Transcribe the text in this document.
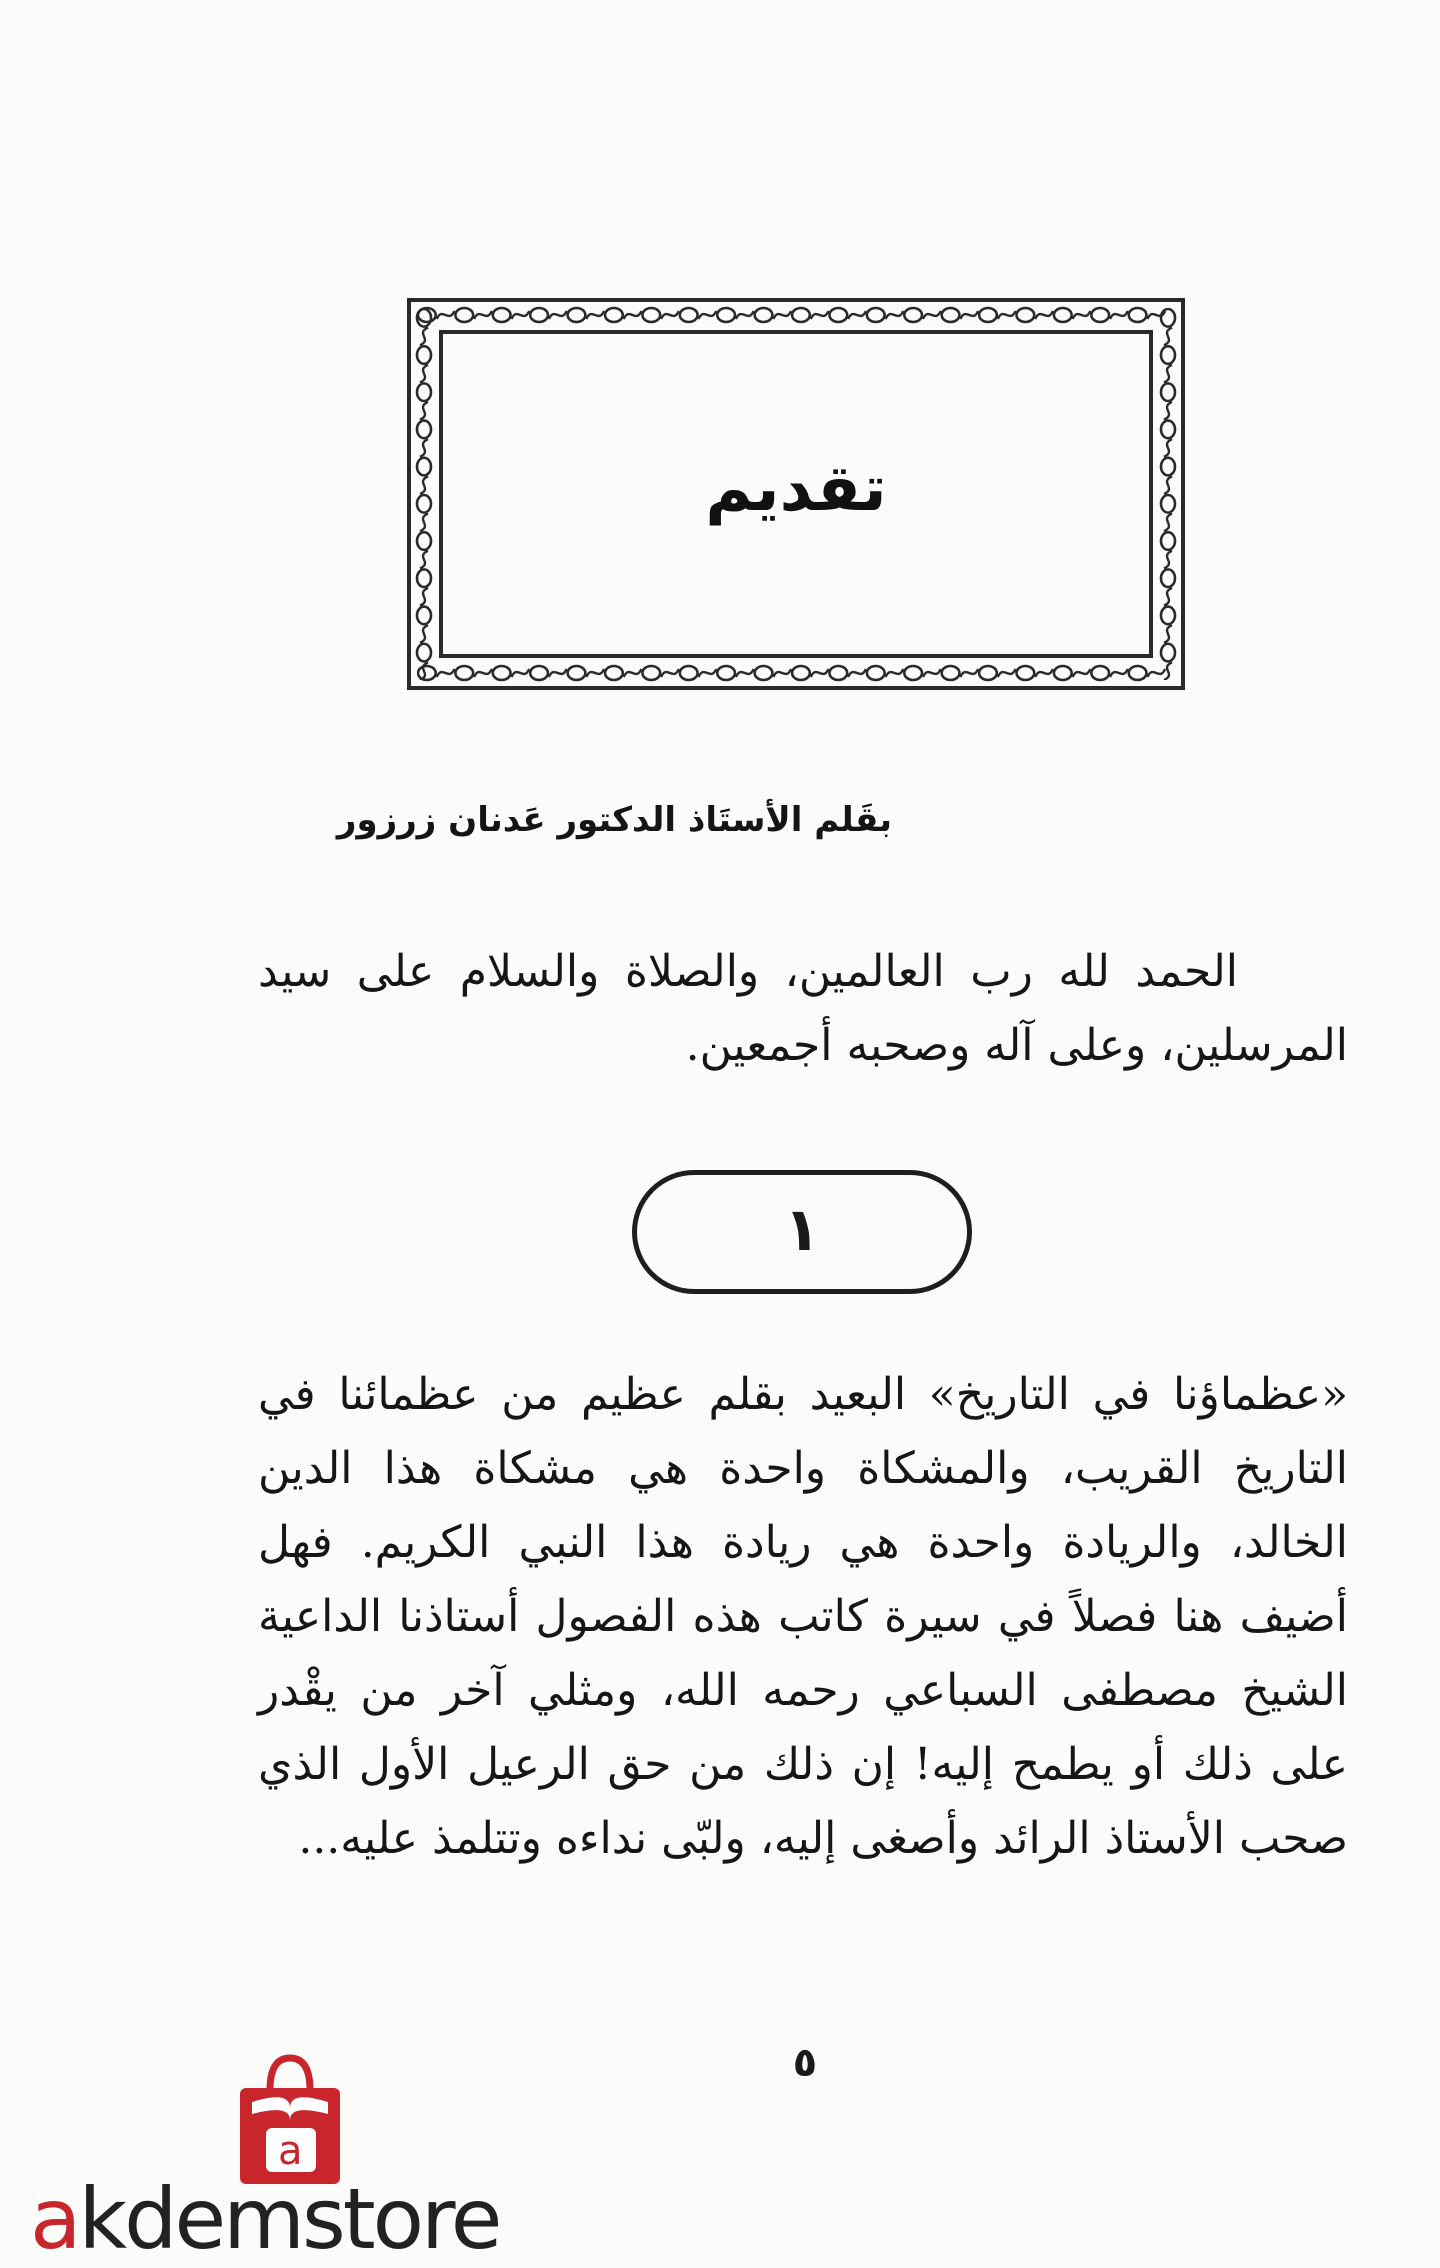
تقديم
بقَلم الأستَاذ الدكتور عَدنان زرزور
الحمد لله رب العالمين، والصلاة والسلام على سيد المرسلين، وعلى آله وصحبه أجمعين.
١
«عظماؤنا في التاريخ» البعيد بقلم عظيم من عظمائنا في التاريخ القريب، والمشكاة واحدة هي مشكاة هذا الدين الخالد، والريادة واحدة هي ريادة هذا النبي الكريم. فهل أضيف هنا فصلاً في سيرة كاتب هذه الفصول أستاذنا الداعية الشيخ مصطفى السباعي رحمه الله، ومثلي آخر من يقْدر على ذلك أو يطمح إليه! إن ذلك من حق الرعيل الأول الذي صحب الأستاذ الرائد وأصغى إليه، ولبّى نداءه وتتلمذ عليه...
٥
a
akdemstore
